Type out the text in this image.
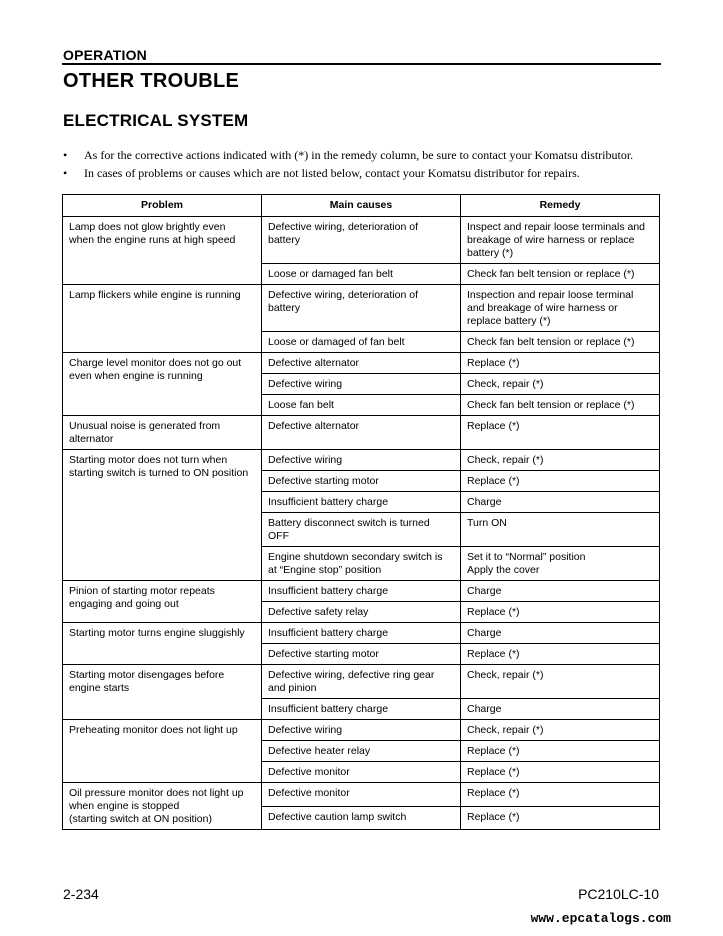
OPERATION
OTHER TROUBLE
ELECTRICAL SYSTEM
• As for the corrective actions indicated with (*) in the remedy column, be sure to contact your Komatsu distributor.
• In cases of problems or causes which are not listed below, contact your Komatsu distributor for repairs.
Problem	Main causes	Remedy

Lamp does not glow brightly even
when the engine runs at high speed	Defective wiring, deterioration of
battery	Inspect and repair loose terminals and
breakage of wire harness or replace
battery (*)

	Loose or damaged fan belt	Check fan belt tension or replace (*)

Lamp flickers while engine is running	Defective wiring, deterioration of
battery	Inspection and repair loose terminal
and breakage of wire harness or
replace battery (*)

	Loose or damaged of fan belt	Check fan belt tension or replace (*)

Charge level monitor does not go out
even when engine is running	Defective alternator	Replace (*)

	Defective wiring	Check, repair (*)

	Loose fan belt	Check fan belt tension or replace (*)

Unusual noise is generated from
alternator	Defective alternator	Replace (*)

Starting motor does not turn when
starting switch is turned to ON position	Defective wiring	Check, repair (*)

	Defective starting motor	Replace (*)

	Insufficient battery charge	Charge

	Battery disconnect switch is turned
OFF	Turn ON

	Engine shutdown secondary switch is
at “Engine stop” position	Set it to “Normal” position
Apply the cover

Pinion of starting motor repeats
engaging and going out	Insufficient battery charge	Charge

	Defective safety relay	Replace (*)

Starting motor turns engine sluggishly	Insufficient battery charge	Charge

	Defective starting motor	Replace (*)

Starting motor disengages before
engine starts	Defective wiring, defective ring gear
and pinion	Check, repair (*)

	Insufficient battery charge	Charge

Preheating monitor does not light up	Defective wiring	Check, repair (*)

	Defective heater relay	Replace (*)

	Defective monitor	Replace (*)

Oil pressure monitor does not light up
when engine is stopped
(starting switch at ON position)	Defective monitor	Replace (*)

	Defective caution lamp switch	Replace (*)
2-234	PC210LC-10
www.epcatalogs.com
